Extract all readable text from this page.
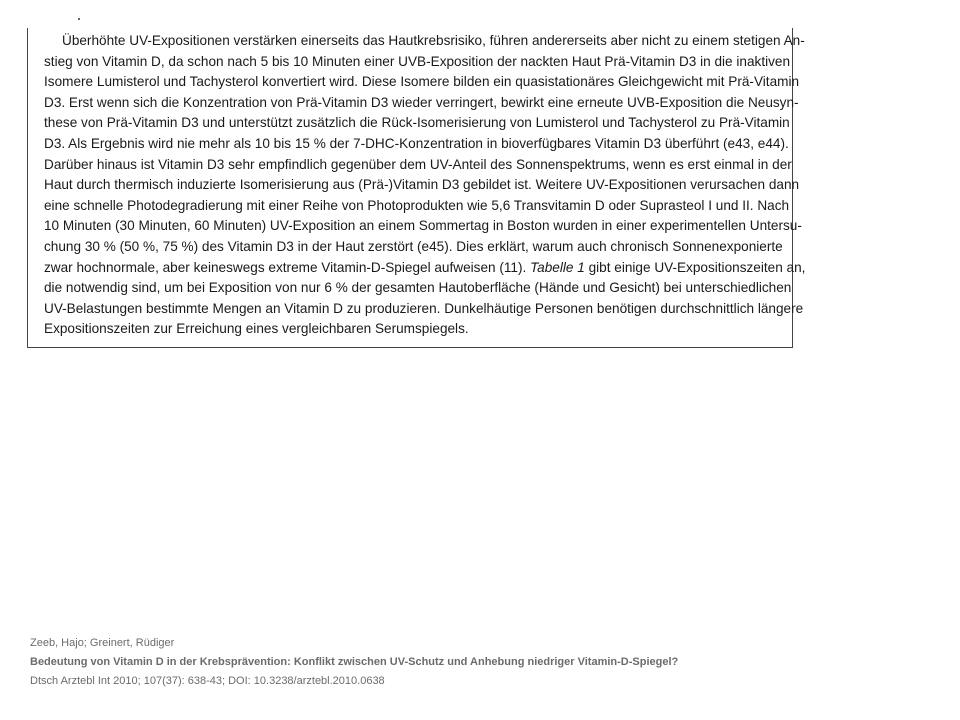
Überhöhte UV-Expositionen verstärken einerseits das Hautkrebsrisiko, führen andererseits aber nicht zu einem stetigen An-
stieg von Vitamin D, da schon nach 5 bis 10 Minuten einer UVB-Exposition der nackten Haut Prä-Vitamin D3 in die inaktiven
Isomere Lumisterol und Tachysterol konvertiert wird. Diese Isomere bilden ein quasistationäres Gleichgewicht mit Prä-Vitamin
D3. Erst wenn sich die Konzentration von Prä-Vitamin D3 wieder verringert, bewirkt eine erneute UVB-Exposition die Neusyn-
these von Prä-Vitamin D3 und unterstützt zusätzlich die Rück-Isomerisierung von Lumisterol und Tachysterol zu Prä-Vitamin
D3. Als Ergebnis wird nie mehr als 10 bis 15 % der 7-DHC-Konzentration in bioverfügbares Vitamin D3 überführt (e43, e44).
Darüber hinaus ist Vitamin D3 sehr empfindlich gegenüber dem UV-Anteil des Sonnenspektrums, wenn es erst einmal in der
Haut durch thermisch induzierte Isomerisierung aus (Prä-)Vitamin D3 gebildet ist. Weitere UV-Expositionen verursachen dann
eine schnelle Photodegradierung mit einer Reihe von Photoprodukten wie 5,6 Transvitamin D oder Suprasteol I und II. Nach
10 Minuten (30 Minuten, 60 Minuten) UV-Exposition an einem Sommertag in Boston wurden in einer experimentellen Untersu-
chung 30 % (50 %, 75 %) des Vitamin D3 in der Haut zerstört (e45). Dies erklärt, warum auch chronisch Sonnenexponierte
zwar hochnormale, aber keineswegs extreme Vitamin-D-Spiegel aufweisen (11). Tabelle 1 gibt einige UV-Expositionszeiten an,
die notwendig sind, um bei Exposition von nur 6 % der gesamten Hautoberfläche (Hände und Gesicht) bei unterschiedlichen
UV-Belastungen bestimmte Mengen an Vitamin D zu produzieren. Dunkelhäutige Personen benötigen durchschnittlich längere
Expositionszeiten zur Erreichung eines vergleichbaren Serumspiegels.
Zeeb, Hajo; Greinert, Rüdiger
Bedeutung von Vitamin D in der Krebsprävention: Konflikt zwischen UV-Schutz und Anhebung niedriger Vitamin-D-Spiegel?
Dtsch Arztebl Int 2010; 107(37): 638-43; DOI: 10.3238/arztebl.2010.0638
